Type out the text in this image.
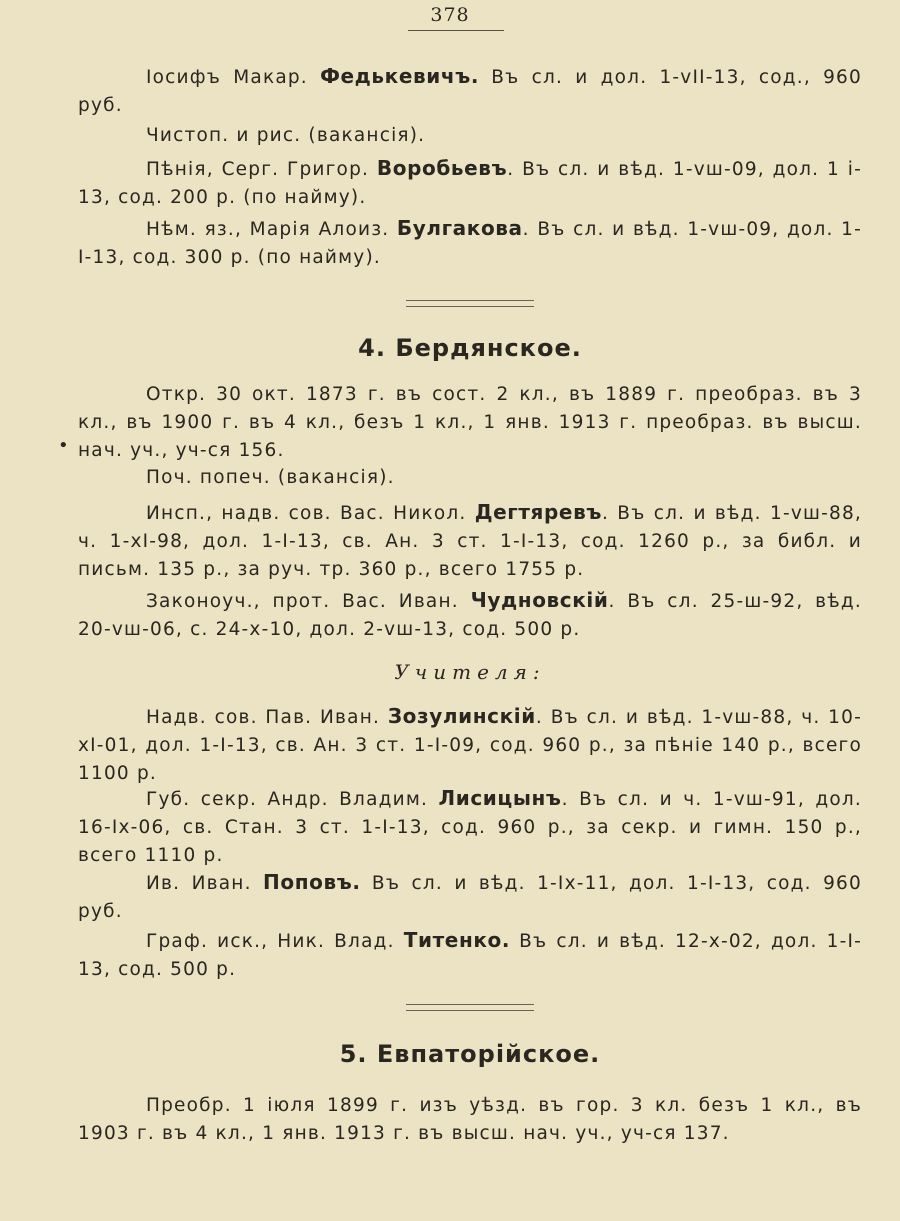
378
Іосифъ Макар. Федькевичъ. Въ сл. и дол. 1-vII-13, сод., 960 руб.
Чистоп. и рис. (вакансія).
Пѣнія, Серг. Григор. Воробьевъ. Въ сл. и вѣд. 1-vш-09, дол. 1 i-13, сод. 200 р. (по найму).
Нѣм. яз., Марія Алоиз. Булгакова. Въ сл. и вѣд. 1-vш-09, дол. 1-I-13, сод. 300 р. (по найму).
4. Бердянское.
Откр. 30 окт. 1873 г. въ сост. 2 кл., въ 1889 г. преобраз. въ 3 кл., въ 1900 г. въ 4 кл., безъ 1 кл., 1 янв. 1913 г. преобраз. въ высш. нач. уч., уч-ся 156.
•
Поч. попеч. (вакансія).
Инсп., надв. сов. Вас. Никол. Дегтяревъ. Въ сл. и вѣд. 1-vш-88, ч. 1-xI-98, дол. 1-I-13, св. Ан. 3 ст. 1-I-13, сод. 1260 р., за библ. и письм. 135 р., за руч. тр. 360 р., всего 1755 р.
Законоуч., прот. Вас. Иван. Чудновскій. Въ сл. 25-ш-92, вѣд. 20-vш-06, с. 24-x-10, дол. 2-vш-13, сод. 500 р.
Учителя:
Надв. сов. Пав. Иван. Зозулинскій. Въ сл. и вѣд. 1-vш-88, ч. 10-xI-01, дол. 1-I-13, св. Ан. 3 ст. 1-I-09, сод. 960 р., за пѣніе 140 р., всего 1100 р.
Губ. секр. Андр. Владим. Лисицынъ. Въ сл. и ч. 1-vш-91, дол. 16-Ix-06, св. Стан. 3 ст. 1-I-13, сод. 960 р., за секр. и гимн. 150 р., всего 1110 р.
Ив. Иван. Поповъ. Въ сл. и вѣд. 1-Ix-11, дол. 1-I-13, сод. 960 руб.
Граф. иск., Ник. Влад. Титенко. Въ сл. и вѣд. 12-x-02, дол. 1-I-13, сод. 500 р.
5. Евпаторійское.
Преобр. 1 іюля 1899 г. изъ уѣзд. въ гор. 3 кл. безъ 1 кл., въ 1903 г. въ 4 кл., 1 янв. 1913 г. въ высш. нач. уч., уч-ся 137.
